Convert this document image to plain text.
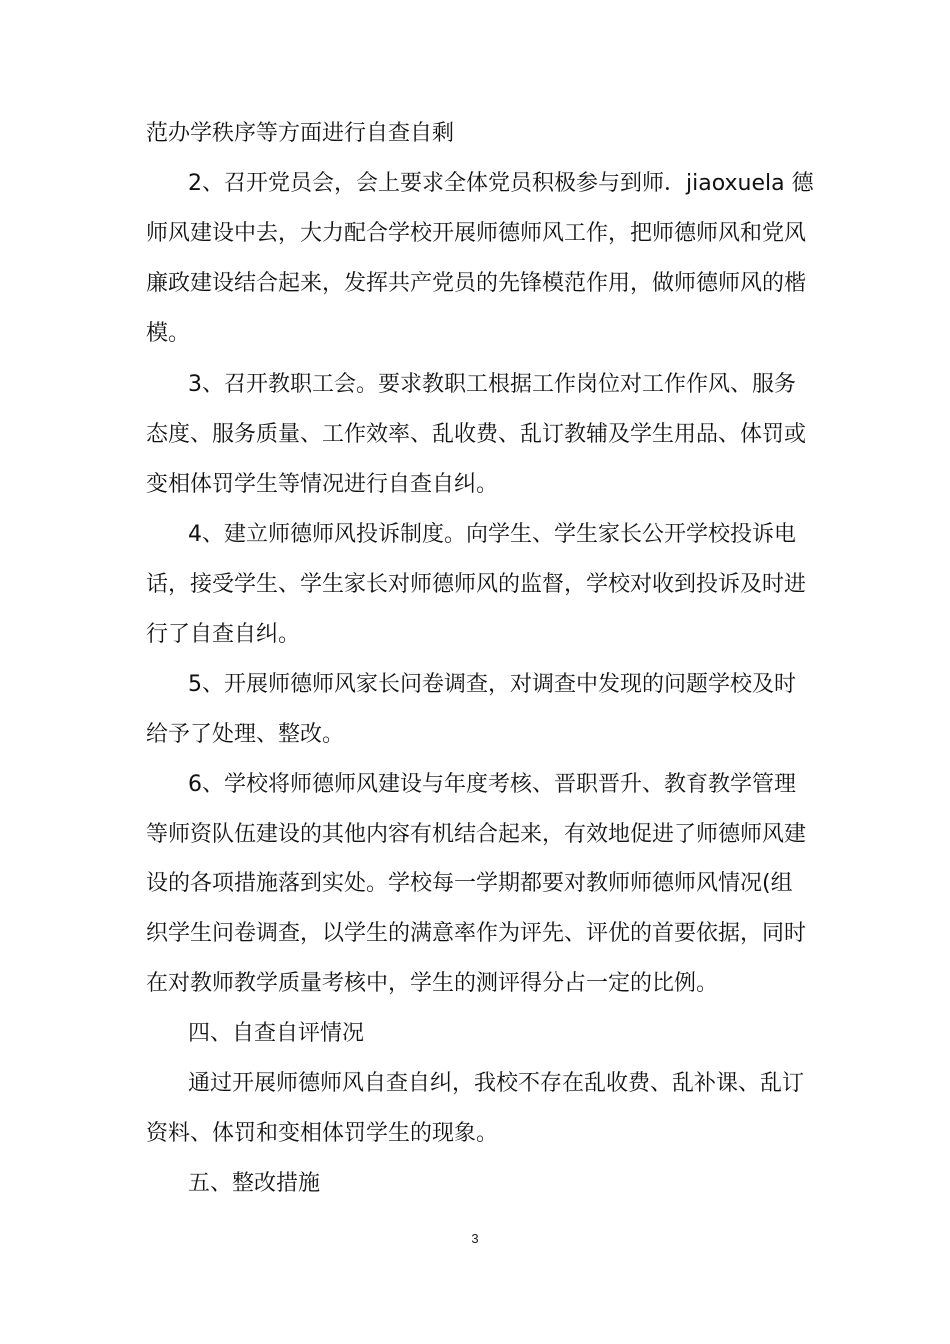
范办学秩序等方面进行自查自剩
2、召开党员会，会上要求全体党员积极参与到师．jiaoxuela 德
师风建设中去，大力配合学校开展师德师风工作，把师德师风和党风
廉政建设结合起来，发挥共产党员的先锋模范作用，做师德师风的楷
模。
3、召开教职工会。要求教职工根据工作岗位对工作作风、服务
态度、服务质量、工作效率、乱收费、乱订教辅及学生用品、体罚或
变相体罚学生等情况进行自查自纠。
4、建立师德师风投诉制度。向学生、学生家长公开学校投诉电
话，接受学生、学生家长对师德师风的监督，学校对收到投诉及时进
行了自查自纠。
5、开展师德师风家长问卷调查，对调查中发现的问题学校及时
给予了处理、整改。
6、学校将师德师风建设与年度考核、晋职晋升、教育教学管理
等师资队伍建设的其他内容有机结合起来，有效地促进了师德师风建
设的各项措施落到实处。学校每一学期都要对教师师德师风情况(组
织学生问卷调查，以学生的满意率作为评先、评优的首要依据，同时
在对教师教学质量考核中，学生的测评得分占一定的比例。
四、自查自评情况
通过开展师德师风自查自纠，我校不存在乱收费、乱补课、乱订
资料、体罚和变相体罚学生的现象。
五、整改措施
3
